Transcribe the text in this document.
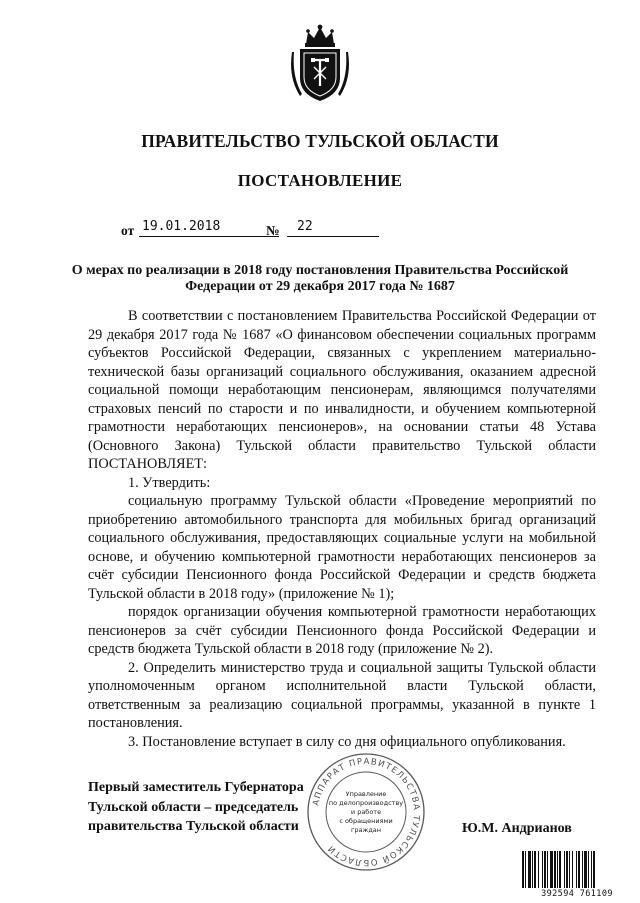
ПРАВИТЕЛЬСТВО ТУЛЬСКОЙ ОБЛАСТИ
ПОСТАНОВЛЕНИЕ
от 19.01.2018	№ 22
О мерах по реализации в 2018 году постановления Правительства Российской Федерации от 29 декабря 2017 года № 1687

В соответствии с постановлением Правительства Российской Федерации от 29 декабря 2017 года № 1687 «О финансовом обеспечении социальных программ субъектов Российской Федерации, связанных с укреплением материально-технической базы организаций социального обслуживания, оказанием адресной социальной помощи неработающим пенсионерам, являющимся получателями страховых пенсий по старости и по инвалидности, и обучением компьютерной грамотности неработающих пенсионеров», на основании статьи 48 Устава (Основного Закона) Тульской области правительство Тульской области ПОСТАНОВЛЯЕТ:

1. Утвердить:

социальную программу Тульской области «Проведение мероприятий по приобретению автомобильного транспорта для мобильных бригад организаций социального обслуживания, предоставляющих социальные услуги на мобильной основе, и обучению компьютерной грамотности неработающих пенсионеров за счёт субсидии Пенсионного фонда Российской Федерации и средств бюджета Тульской области в 2018 году» (приложение № 1);

порядок организации обучения компьютерной грамотности неработающих пенсионеров за счёт субсидии Пенсионного фонда Российской Федерации и средств бюджета Тульской области в 2018 году (приложение № 2).

2. Определить министерство труда и социальной защиты Тульской области уполномоченным органом исполнительной власти Тульской области, ответственным за реализацию социальной программы, указанной в пункте 1 постановления.

3. Постановление вступает в силу со дня официального опубликования.

Первый заместитель Губернатора
Тульской области – председатель
правительства Тульской области
АППАРАТ ПРАВИТЕЛЬСТВА ТУЛЬСКОЙ ОБЛАСТИ
Управление
по делопроизводству
и работе
с обращениями
граждан	Ю.М. Андрианов
392594 761109
